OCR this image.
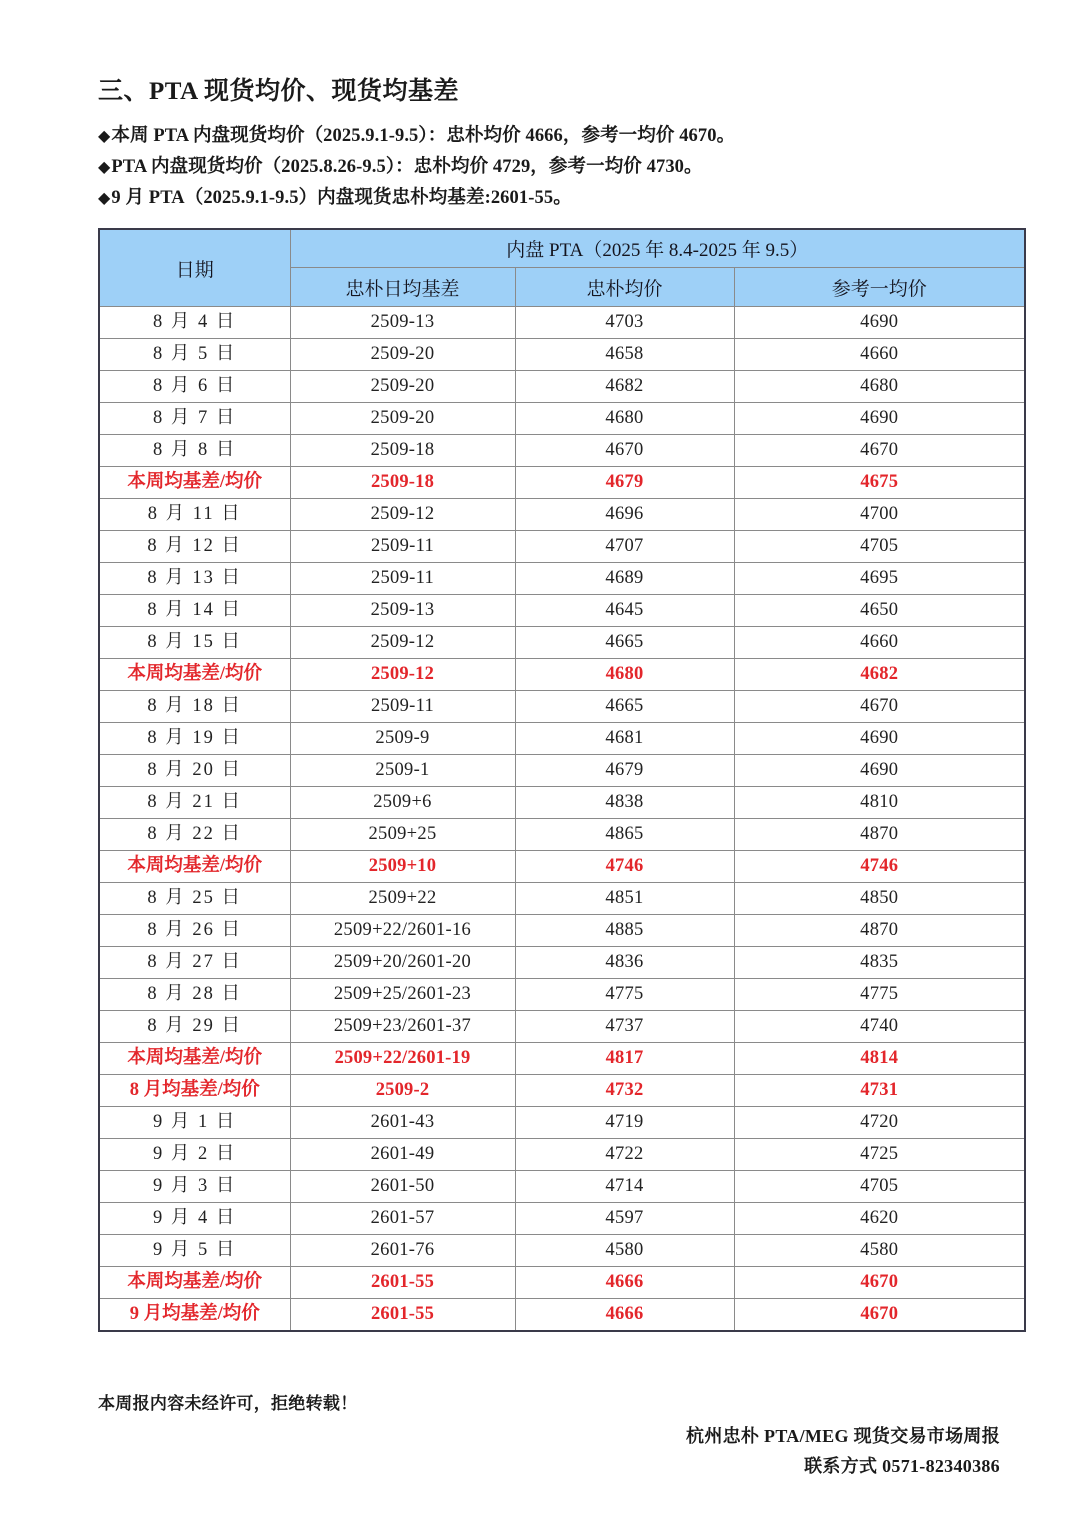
三、PTA 现货均价、现货均基差
◆ 本周 PTA 内盘现货均价（2025.9.1-9.5）：忠朴均价 4666，参考一均价 4670。
◆ PTA 内盘现货均价（2025.8.26-9.5）：忠朴均价 4729，参考一均价 4730。
◆ 9 月 PTA（2025.9.1-9.5）内盘现货忠朴均基差:2601-55。
日期	内盘 PTA（2025 年 8.4-2025 年 9.5）		
	忠朴日均基差	忠朴均价	参考一均价
8 月 4 日	2509-13	4703	4690
8 月 5 日	2509-20	4658	4660
8 月 6 日	2509-20	4682	4680
8 月 7 日	2509-20	4680	4690
8 月 8 日	2509-18	4670	4670
本周均基差/均价	2509-18	4679	4675
8 月 11 日	2509-12	4696	4700
8 月 12 日	2509-11	4707	4705
8 月 13 日	2509-11	4689	4695
8 月 14 日	2509-13	4645	4650
8 月 15 日	2509-12	4665	4660
本周均基差/均价	2509-12	4680	4682
8 月 18 日	2509-11	4665	4670
8 月 19 日	2509-9	4681	4690
8 月 20 日	2509-1	4679	4690
8 月 21 日	2509+6	4838	4810
8 月 22 日	2509+25	4865	4870
本周均基差/均价	2509+10	4746	4746
8 月 25 日	2509+22	4851	4850
8 月 26 日	2509+22/2601-16	4885	4870
8 月 27 日	2509+20/2601-20	4836	4835
8 月 28 日	2509+25/2601-23	4775	4775
8 月 29 日	2509+23/2601-37	4737	4740
本周均基差/均价	2509+22/2601-19	4817	4814
8 月均基差/均价	2509-2	4732	4731
9 月 1 日	2601-43	4719	4720
9 月 2 日	2601-49	4722	4725
9 月 3 日	2601-50	4714	4705
9 月 4 日	2601-57	4597	4620
9 月 5 日	2601-76	4580	4580
本周均基差/均价	2601-55	4666	4670
9 月均基差/均价	2601-55	4666	4670
本周报内容未经许可，拒绝转载！
杭州忠朴 PTA/MEG 现货交易市场周报
联系方式 0571-82340386
